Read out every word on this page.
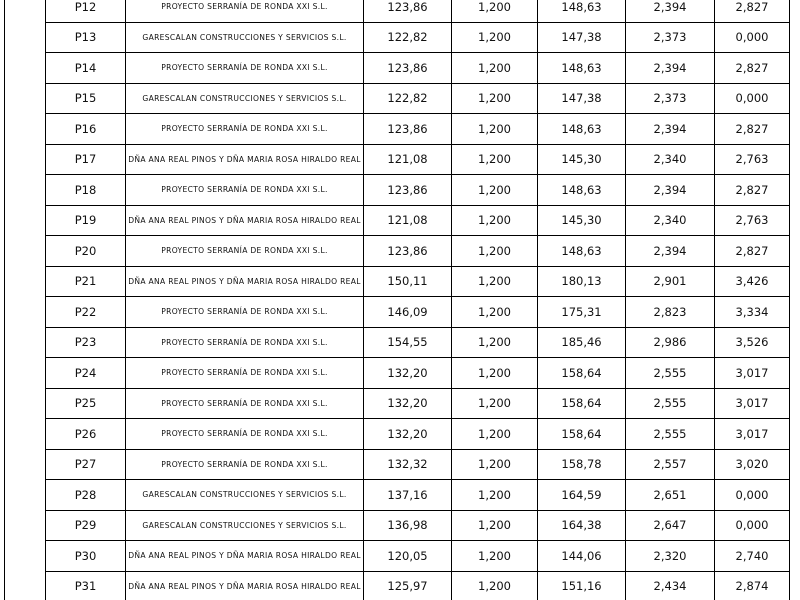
P12	PROYECTO SERRANÍA DE RONDA XXI S.L.	123,86	1,200	148,63	2,394	2,827
P13	GARESCALAN CONSTRUCCIONES Y SERVICIOS S.L.	122,82	1,200	147,38	2,373	0,000
P14	PROYECTO SERRANÍA DE RONDA XXI S.L.	123,86	1,200	148,63	2,394	2,827
P15	GARESCALAN CONSTRUCCIONES Y SERVICIOS S.L.	122,82	1,200	147,38	2,373	0,000
P16	PROYECTO SERRANÍA DE RONDA XXI S.L.	123,86	1,200	148,63	2,394	2,827
P17	DÑA ANA REAL PINOS Y DÑA MARIA ROSA HIRALDO REAL	121,08	1,200	145,30	2,340	2,763
P18	PROYECTO SERRANÍA DE RONDA XXI S.L.	123,86	1,200	148,63	2,394	2,827
P19	DÑA ANA REAL PINOS Y DÑA MARIA ROSA HIRALDO REAL	121,08	1,200	145,30	2,340	2,763
P20	PROYECTO SERRANÍA DE RONDA XXI S.L.	123,86	1,200	148,63	2,394	2,827
P21	DÑA ANA REAL PINOS Y DÑA MARIA ROSA HIRALDO REAL	150,11	1,200	180,13	2,901	3,426
P22	PROYECTO SERRANÍA DE RONDA XXI S.L.	146,09	1,200	175,31	2,823	3,334
P23	PROYECTO SERRANÍA DE RONDA XXI S.L.	154,55	1,200	185,46	2,986	3,526
P24	PROYECTO SERRANÍA DE RONDA XXI S.L.	132,20	1,200	158,64	2,555	3,017
P25	PROYECTO SERRANÍA DE RONDA XXI S.L.	132,20	1,200	158,64	2,555	3,017
P26	PROYECTO SERRANÍA DE RONDA XXI S.L.	132,20	1,200	158,64	2,555	3,017
P27	PROYECTO SERRANÍA DE RONDA XXI S.L.	132,32	1,200	158,78	2,557	3,020
P28	GARESCALAN CONSTRUCCIONES Y SERVICIOS S.L.	137,16	1,200	164,59	2,651	0,000
P29	GARESCALAN CONSTRUCCIONES Y SERVICIOS S.L.	136,98	1,200	164,38	2,647	0,000
P30	DÑA ANA REAL PINOS Y DÑA MARIA ROSA HIRALDO REAL	120,05	1,200	144,06	2,320	2,740
P31	DÑA ANA REAL PINOS Y DÑA MARIA ROSA HIRALDO REAL	125,97	1,200	151,16	2,434	2,874
